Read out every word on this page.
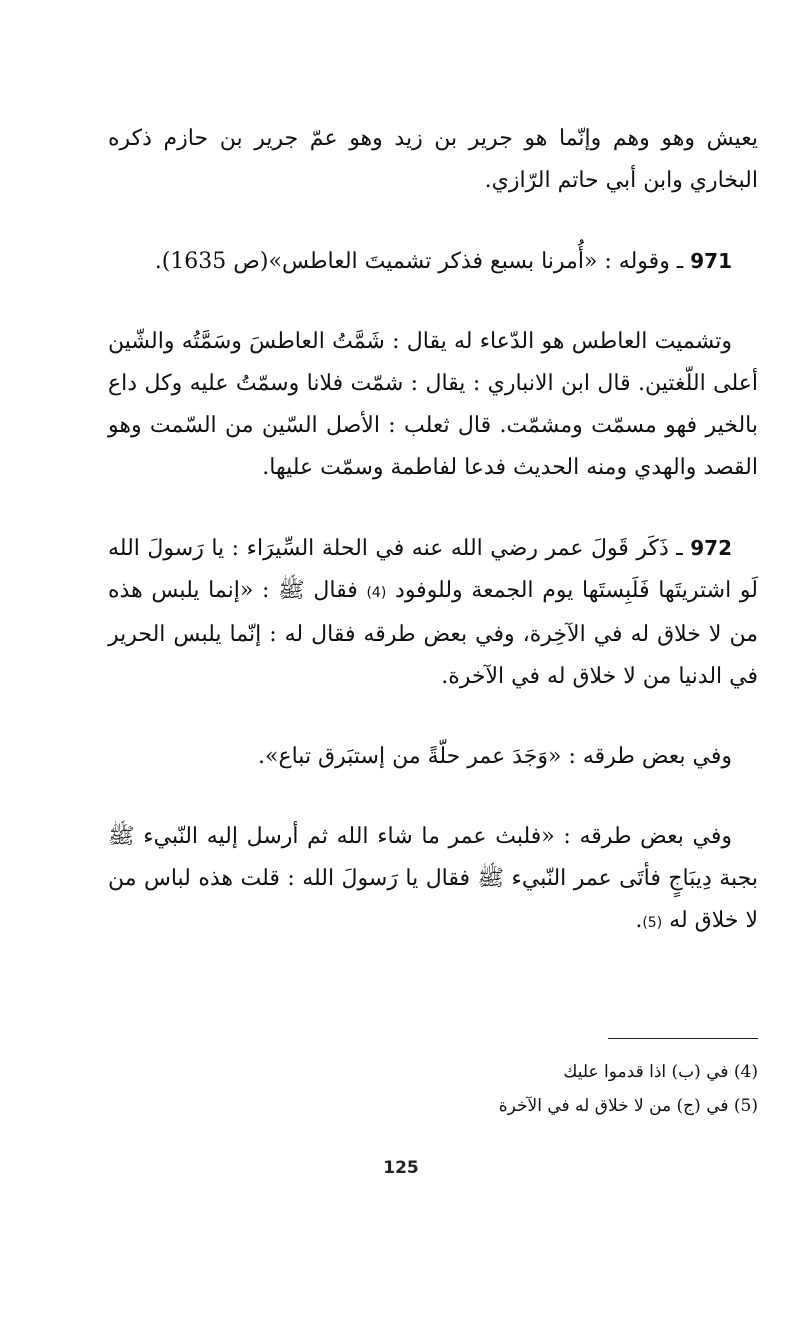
يعيش وهو وهم وإنّما هو جرير بن زيد وهو عمّ جرير بن حازم ذكره البخاري وابن أبي حاتم الرّازي.

971 ـ وقوله : «أُمرنا بسبع فذكر تشميتَ العاطس»(ص 1635).

وتشميت العاطس هو الدّعاء له يقال : شَمَّتُ العاطسَ وسَمَّتُه والشّين أعلى اللّغتين. قال ابن الانباري : يقال : شمّت فلانا وسمّتُ عليه وكل داع بالخير فهو مسمّت ومشمّت. قال ثعلب : الأصل السّين من السّمت وهو القصد والهدي ومنه الحديث فدعا لفاطمة وسمّت عليها.

972 ـ ذَكَر قَولَ عمر رضي الله عنه في الحلة السِّيرَاء : يا رَسولَ الله لَو اشتريتَها فَلَبِستَها يوم الجمعة وللوفود (4) فقال ﷺ : «إنما يلبس هذه من لا خلاق له في الآخِرة، وفي بعض طرقه فقال له : إنّما يلبس الحرير في الدنيا من لا خلاق له في الآخرة.

وفي بعض طرقه : «وَجَدَ عمر حلّةً من إستبَرق تباع».

وفي بعض طرقه : «فلبث عمر ما شاء الله ثم أرسل إليه النّبيء ﷺ بجبة دِيبَاجٍ فأتَى عمر النّبيء ﷺ فقال يا رَسولَ الله : قلت هذه لباس من لا خلاق له (5).

(4) في (ب) اذا قدموا عليك

(5) في (ج) من لا خلاق له في الآخرة

125
